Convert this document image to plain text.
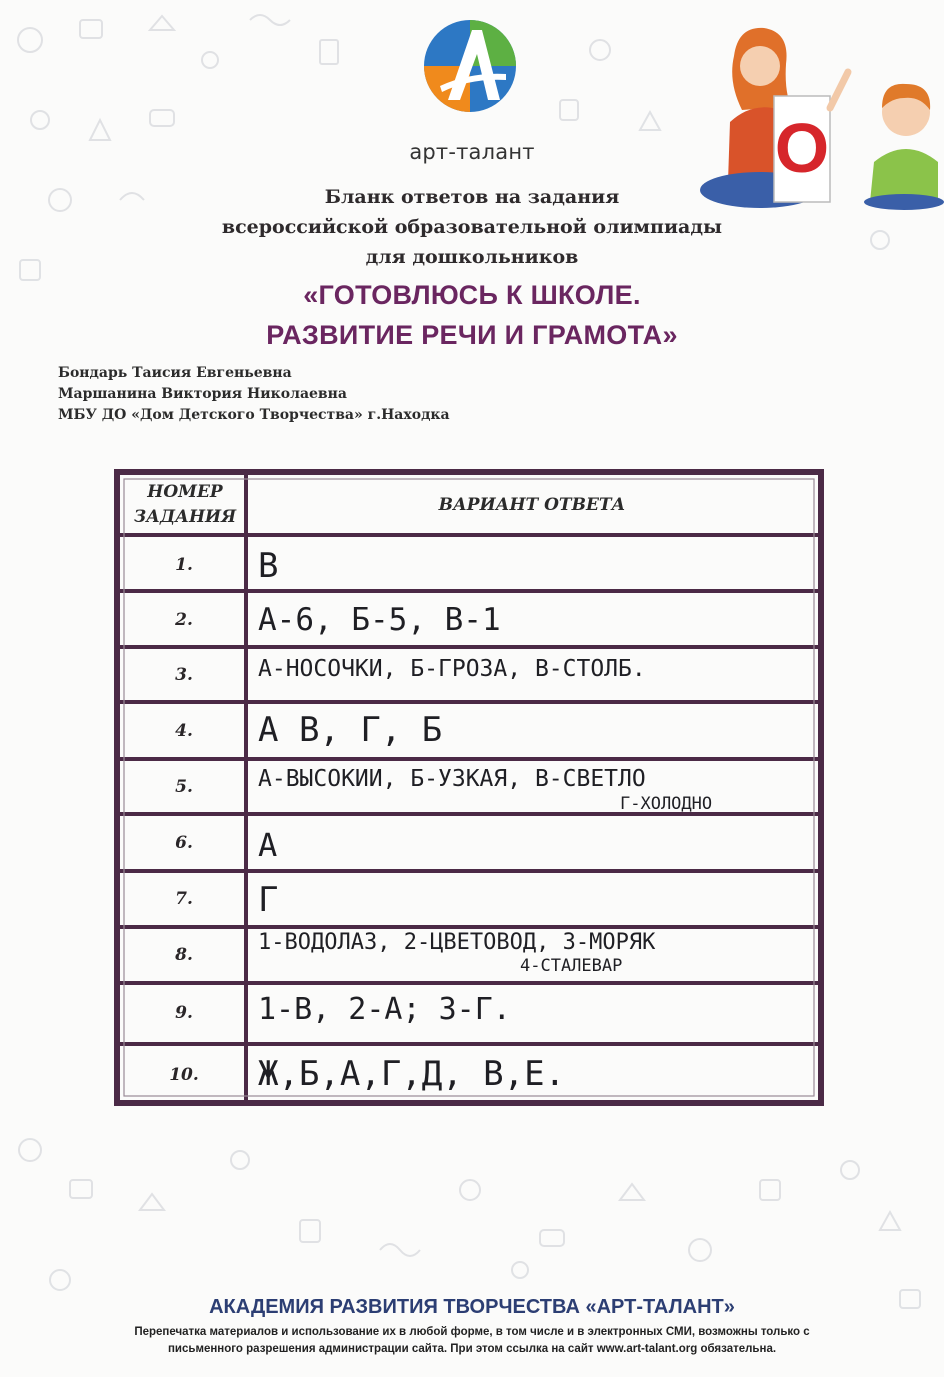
арт-талант	О
Бланк ответов на задания
всероссийской образовательной олимпиады
для дошкольников
«ГОТОВЛЮСЬ К ШКОЛЕ.
РАЗВИТИЕ РЕЧИ И ГРАМОТА»
Бондарь Таисия Евгеньевна
Маршанина Виктория Николаевна
МБУ ДО «Дом Детского Творчества» г.Находка
НОМЕР
ЗАДАНИЯ
ВАРИАНТ ОТВЕТА
1.
2.
3.
4.
5.
6.
7.
8.
9.
10.
В
А-6, Б-5, В-1
А-НОСОЧКИ, Б-ГРОЗА, В-СТОЛБ.
А В, Г, Б
А-ВЫСОКИИ, Б-УЗКАЯ, В-СВЕТЛО
Г-ХОЛОДНО
А
Г
1-ВОДОЛАЗ, 2-ЦВЕТОВОД, 3-МОРЯК
4-СТАЛЕВАР
1-В, 2-А; 3-Г.
Ж,Б,А,Г,Д, В,Е.
АКАДЕМИЯ РАЗВИТИЯ ТВОРЧЕСТВА «АРТ-ТАЛАНТ»
Перепечатка материалов и использование их в любой форме, в том числе и в электронных СМИ, возможны только с
письменного разрешения администрации сайта. При этом ссылка на сайт www.art-talant.org обязательна.
